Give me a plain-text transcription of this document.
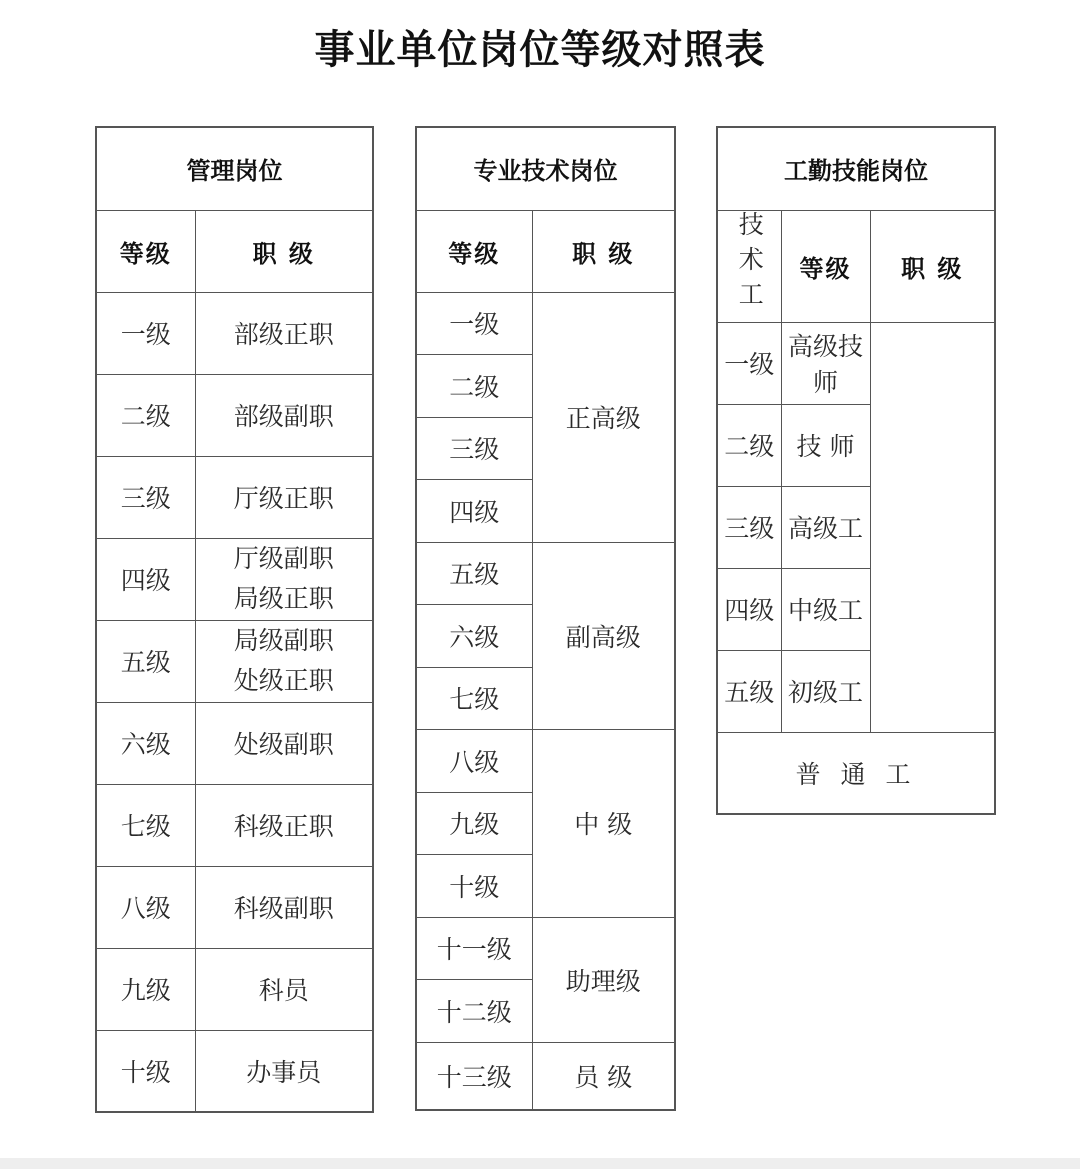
事业单位岗位等级对照表
管理岗位	
等级	职 级
一级	部级正职
二级	部级副职
三级	厅级正职
四级	厅级副职
局级正职

五级	局级副职
处级正职

六级	处级副职
七级	科级正职
八级	科级副职
九级	科员
十级	办事员
专业技术岗位	
等级	职 级
一级	正高级
二级	
三级	
四级	
五级	副高级
六级	
七级	
八级	中 级
九级	
十级	
十一级	助理级
十二级	
十三级	员 级
工勤技能岗位		
技术工	等级	职 级
一级	高级技师	
二级	技 师	
三级	高级工	
四级	中级工	
五级	初级工	
普 通 工		
